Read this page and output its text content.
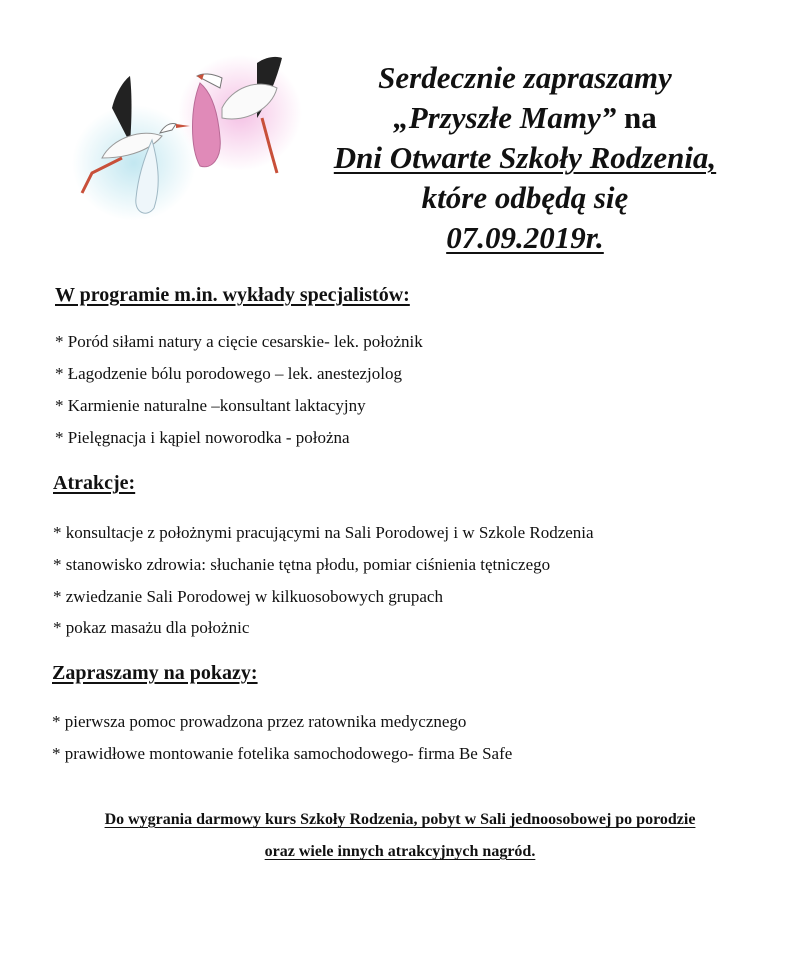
Serdecznie zapraszamy
„Przyszłe Mamy” na
Dni Otwarte Szkoły Rodzenia,
które odbędą się
07.09.2019r.
W programie m.in. wykłady specjalistów:
* Poród siłami natury a cięcie cesarskie- lek. położnik
* Łagodzenie bólu porodowego – lek. anestezjolog
* Karmienie naturalne –konsultant laktacyjny
* Pielęgnacja i kąpiel noworodka - położna
Atrakcje:
* konsultacje z położnymi pracującymi na Sali Porodowej i w Szkole Rodzenia
* stanowisko zdrowia: słuchanie tętna płodu, pomiar ciśnienia tętniczego
* zwiedzanie Sali Porodowej w kilkuosobowych grupach
* pokaz masażu dla położnic
Zapraszamy na pokazy:
* pierwsza pomoc prowadzona przez ratownika medycznego
* prawidłowe montowanie fotelika samochodowego- firma Be Safe
Do wygrania darmowy kurs Szkoły Rodzenia, pobyt w Sali jednoosobowej po porodzie
oraz wiele innych atrakcyjnych nagród.
